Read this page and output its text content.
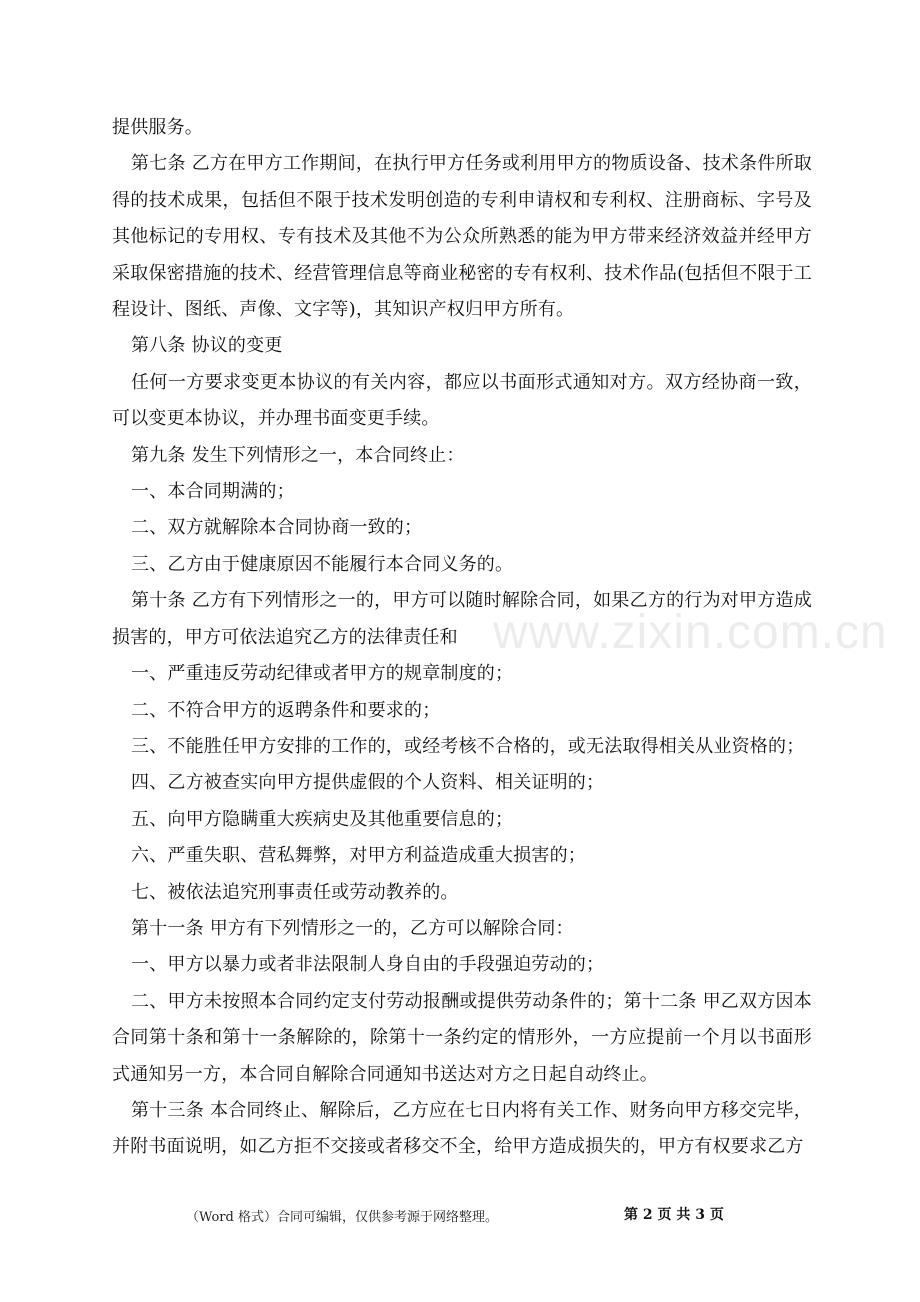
提供服务。

第七条 乙方在甲方工作期间，在执行甲方任务或利用甲方的物质设备、技术条件所取得的技术成果，包括但不限于技术发明创造的专利申请权和专利权、注册商标、字号及其他标记的专用权、专有技术及其他不为公众所熟悉的能为甲方带来经济效益并经甲方采取保密措施的技术、经营管理信息等商业秘密的专有权利、技术作品(包括但不限于工程设计、图纸、声像、文字等)，其知识产权归甲方所有。

第八条 协议的变更

任何一方要求变更本协议的有关内容，都应以书面形式通知对方。双方经协商一致，可以变更本协议，并办理书面变更手续。

第九条 发生下列情形之一，本合同终止：

一、本合同期满的；

二、双方就解除本合同协商一致的；

三、乙方由于健康原因不能履行本合同义务的。

第十条 乙方有下列情形之一的，甲方可以随时解除合同，如果乙方的行为对甲方造成损害的，甲方可依法追究乙方的法律责任和

一、严重违反劳动纪律或者甲方的规章制度的；

二、不符合甲方的返聘条件和要求的；

三、不能胜任甲方安排的工作的，或经考核不合格的，或无法取得相关从业资格的；

四、乙方被查实向甲方提供虚假的个人资料、相关证明的；

五、向甲方隐瞒重大疾病史及其他重要信息的；

六、严重失职、营私舞弊，对甲方利益造成重大损害的；

七、被依法追究刑事责任或劳动教养的。

第十一条 甲方有下列情形之一的，乙方可以解除合同：

一、甲方以暴力或者非法限制人身自由的手段强迫劳动的；

二、甲方未按照本合同约定支付劳动报酬或提供劳动条件的；第十二条 甲乙双方因本合同第十条和第十一条解除的，除第十一条约定的情形外，一方应提前一个月以书面形式通知另一方，本合同自解除合同通知书送达对方之日起自动终止。

第十三条 本合同终止、解除后，乙方应在七日内将有关工作、财务向甲方移交完毕，并附书面说明，如乙方拒不交接或者移交不全，给甲方造成损失的，甲方有权要求乙方

www.zixin.com.cn
（Word 格式）合同可编辑，仅供参考源于网络整理。	第 2 页 共 3 页
